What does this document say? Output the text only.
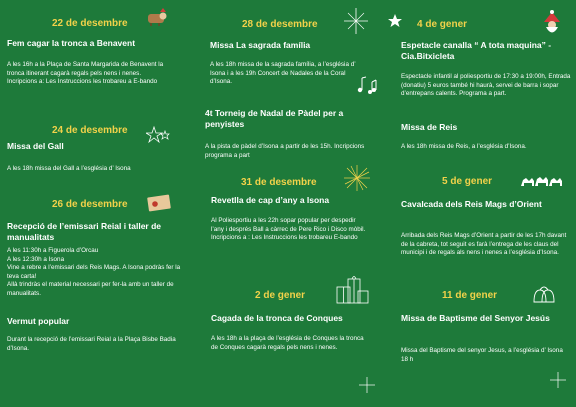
22 de desembre
Fem cagar la tronca a Benavent
A les 16h a la Plaça de Santa Margarida de Benavent la tronca itinerant cagarà regals pels nens i nenes.
Incripcions a: Les Instruccions les trobareu a E-bando
24 de desembre
Missa del Gall
A les 18h missa del Gall a l’església d’ Isona
26 de desembre
Recepció de l’emissari Reial i taller de manualitats
A les 11:30h a Figuerola d’Orcau
A les 12:30h a Isona
Vine a rebre a l’emissari dels Reis Mags. A Isona podràs fer la teva carta!
Allà trindràs el material necessari per fer-la amb un taller de manualitats.
Vermut popular
Durant la recepció de l’emissari Reial a la Plaça Bisbe Badia d’Isona.
28 de desembre
Missa La sagrada família
A les 18h missa de la sagrada família, a l’església d’ Isona i a les 19h Concert de Nadales de la Coral d’Isona.
4t Torneig de Nadal de Pàdel per a penyistes
A la pista de pàdel d’Isona a partir de les 15h. Incripcions programa a part
31 de desembre
Revetlla de cap d’any a Isona
Al Poliesportiu a les 22h sopar popular per despedir l’any i després Ball a càrrec de Pere Rico i Disco mòbil.
Incripcions a : Les Instruccions les trobareu E-bando
2 de gener
Cagada de la tronca de Conques
A les 18h a la plaça de l’església de Conques la tronca de Conques cagarà regals pels nens i nenes.
4 de gener
Espetacle canalla “ A tota maquina” - Cia.Bitxicleta
Espectacle infantil al poliesportiu de 17:30 a 19:00h, Entrada (donatiu) 5 euros també hi haurà, servei de barra i sopar d’entrepans calents. Programa a part.
Missa de Reis
A les 18h missa de Reis, a l’església d’Isona.
5 de gener
Cavalcada dels Reis Mags d’Orient
Arribada dels Reis Mags d’Orient a partir de les 17h davant de la cabreta, tot seguit es farà l’entrega de les claus del municipi i de regals als nens i nenes a l’església d’Isona.
11 de gener
Missa de Baptisme del Senyor Jesús
Missa del Baptisme del senyor Jesus, a l’església d’ Isona 18 h
